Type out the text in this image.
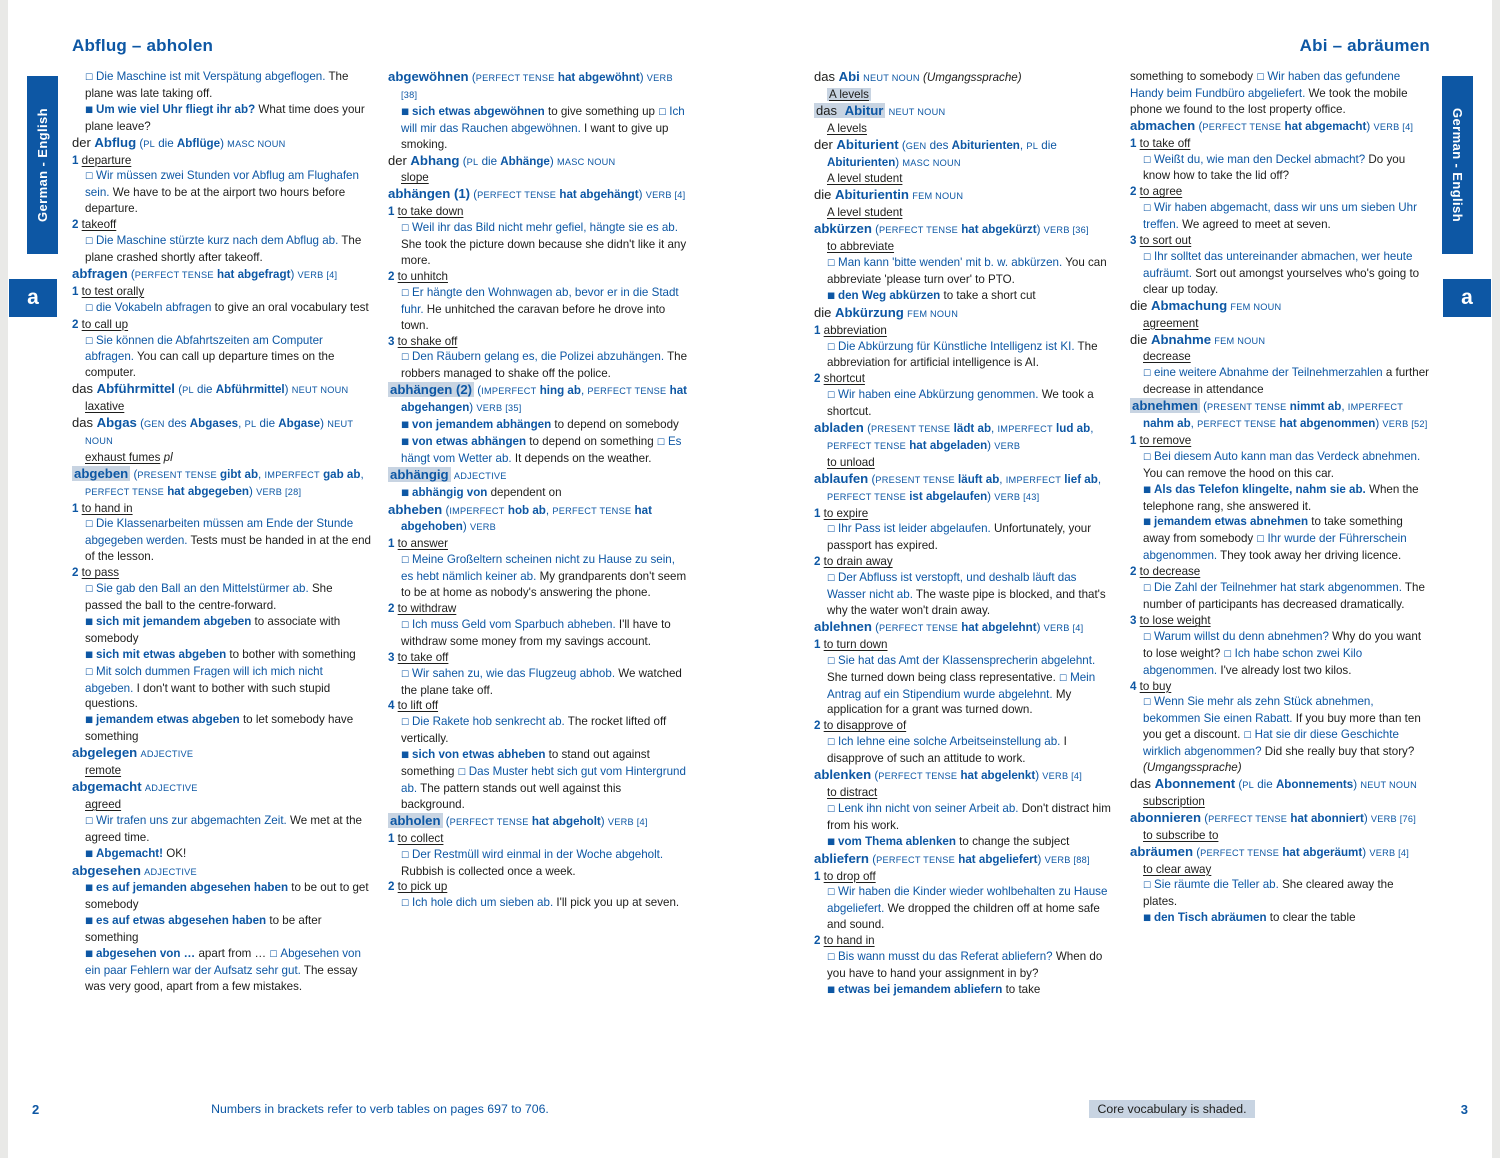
German - English
a
German - English
a
Abflug – abholen
□ Die Maschine ist mit Verspätung abgeflogen. The plane was late taking off.
■ Um wie viel Uhr fliegt ihr ab? What time does your plane leave?
der Abflug (PL die Abflüge) MASC NOUN
1 departure
□ Wir müssen zwei Stunden vor Abflug am Flughafen sein. We have to be at the airport two hours before departure.
2 takeoff
□ Die Maschine stürzte kurz nach dem Abflug ab. The plane crashed shortly after takeoff.
abfragen (PERFECT TENSE hat abgefragt) VERB [4]
1 to test orally
□ die Vokabeln abfragen to give an oral vocabulary test
2 to call up
□ Sie können die Abfahrtszeiten am Computer abfragen. You can call up departure times on the computer.
das Abführmittel (PL die Abführmittel) NEUT NOUN
laxative
das Abgas (GEN des Abgases, PL die Abgase) NEUT NOUN
exhaust fumes pl
abgeben (PRESENT TENSE gibt ab, IMPERFECT gab ab, PERFECT TENSE hat abgegeben) VERB [28]
1 to hand in
□ Die Klassenarbeiten müssen am Ende der Stunde abgegeben werden. Tests must be handed in at the end of the lesson.
2 to pass
□ Sie gab den Ball an den Mittelstürmer ab. She passed the ball to the centre-forward.
■ sich mit jemandem abgeben to associate with somebody
■ sich mit etwas abgeben to bother with something □ Mit solch dummen Fragen will ich mich nicht abgeben. I don't want to bother with such stupid questions.
■ jemandem etwas abgeben to let somebody have something
abgelegen ADJECTIVE
remote
abgemacht ADJECTIVE
agreed
□ Wir trafen uns zur abgemachten Zeit. We met at the agreed time.
■ Abgemacht! OK!
abgesehen ADJECTIVE
■ es auf jemanden abgesehen haben to be out to get somebody
■ es auf etwas abgesehen haben to be after something
■ abgesehen von … apart from … □ Abgesehen von ein paar Fehlern war der Aufsatz sehr gut. The essay was very good, apart from a few mistakes.
abgewöhnen (PERFECT TENSE hat abgewöhnt) VERB [38]
■ sich etwas abgewöhnen to give something up □ Ich will mir das Rauchen abgewöhnen. I want to give up smoking.
der Abhang (PL die Abhänge) MASC NOUN
slope
abhängen (1) (PERFECT TENSE hat abgehängt) VERB [4]
1 to take down
□ Weil ihr das Bild nicht mehr gefiel, hängte sie es ab. She took the picture down because she didn't like it any more.
2 to unhitch
□ Er hängte den Wohnwagen ab, bevor er in die Stadt fuhr. He unhitched the caravan before he drove into town.
3 to shake off
□ Den Räubern gelang es, die Polizei abzuhängen. The robbers managed to shake off the police.
abhängen (2) (IMPERFECT hing ab, PERFECT TENSE hat abgehangen) VERB [35]
■ von jemandem abhängen to depend on somebody
■ von etwas abhängen to depend on something □ Es hängt vom Wetter ab. It depends on the weather.
abhängig ADJECTIVE
■ abhängig von dependent on
abheben (IMPERFECT hob ab, PERFECT TENSE hat abgehoben) VERB
1 to answer
□ Meine Großeltern scheinen nicht zu Hause zu sein, es hebt nämlich keiner ab. My grandparents don't seem to be at home as nobody's answering the phone.
2 to withdraw
□ Ich muss Geld vom Sparbuch abheben. I'll have to withdraw some money from my savings account.
3 to take off
□ Wir sahen zu, wie das Flugzeug abhob. We watched the plane take off.
4 to lift off
□ Die Rakete hob senkrecht ab. The rocket lifted off vertically.
■ sich von etwas abheben to stand out against something □ Das Muster hebt sich gut vom Hintergrund ab. The pattern stands out well against this background.
abholen (PERFECT TENSE hat abgeholt) VERB [4]
1 to collect
□ Der Restmüll wird einmal in der Woche abgeholt. Rubbish is collected once a week.
2 to pick up
□ Ich hole dich um sieben ab. I'll pick you up at seven.
Abi – abräumen
das Abi NEUT NOUN (Umgangssprache)
A levels
das Abitur NEUT NOUN
A levels
der Abiturient (GEN des Abiturienten, PL die Abiturienten) MASC NOUN
A level student
die Abiturientin FEM NOUN
A level student
abkürzen (PERFECT TENSE hat abgekürzt) VERB [36]
to abbreviate
□ Man kann 'bitte wenden' mit b. w. abkürzen. You can abbreviate 'please turn over' to PTO.
■ den Weg abkürzen to take a short cut
die Abkürzung FEM NOUN
1 abbreviation
□ Die Abkürzung für Künstliche Intelligenz ist KI. The abbreviation for artificial intelligence is AI.
2 shortcut
□ Wir haben eine Abkürzung genommen. We took a shortcut.
abladen (PRESENT TENSE lädt ab, IMPERFECT lud ab, PERFECT TENSE hat abgeladen) VERB
to unload
ablaufen (PRESENT TENSE läuft ab, IMPERFECT lief ab, PERFECT TENSE ist abgelaufen) VERB [43]
1 to expire
□ Ihr Pass ist leider abgelaufen. Unfortunately, your passport has expired.
2 to drain away
□ Der Abfluss ist verstopft, und deshalb läuft das Wasser nicht ab. The waste pipe is blocked, and that's why the water won't drain away.
ablehnen (PERFECT TENSE hat abgelehnt) VERB [4]
1 to turn down
□ Sie hat das Amt der Klassensprecherin abgelehnt. She turned down being class representative. □ Mein Antrag auf ein Stipendium wurde abgelehnt. My application for a grant was turned down.
2 to disapprove of
□ Ich lehne eine solche Arbeitseinstellung ab. I disapprove of such an attitude to work.
ablenken (PERFECT TENSE hat abgelenkt) VERB [4]
to distract
□ Lenk ihn nicht von seiner Arbeit ab. Don't distract him from his work.
■ vom Thema ablenken to change the subject
abliefern (PERFECT TENSE hat abgeliefert) VERB [88]
1 to drop off
□ Wir haben die Kinder wieder wohlbehalten zu Hause abgeliefert. We dropped the children off at home safe and sound.
2 to hand in
□ Bis wann musst du das Referat abliefern? When do you have to hand your assignment in by?
■ etwas bei jemandem abliefern to take
something to somebody □ Wir haben das gefundene Handy beim Fundbüro abgeliefert. We took the mobile phone we found to the lost property office.
abmachen (PERFECT TENSE hat abgemacht) VERB [4]
1 to take off
□ Weißt du, wie man den Deckel abmacht? Do you know how to take the lid off?
2 to agree
□ Wir haben abgemacht, dass wir uns um sieben Uhr treffen. We agreed to meet at seven.
3 to sort out
□ Ihr solltet das untereinander abmachen, wer heute aufräumt. Sort out amongst yourselves who's going to clear up today.
die Abmachung FEM NOUN
agreement
die Abnahme FEM NOUN
decrease
□ eine weitere Abnahme der Teilnehmerzahlen a further decrease in attendance
abnehmen (PRESENT TENSE nimmt ab, IMPERFECT nahm ab, PERFECT TENSE hat abgenommen) VERB [52]
1 to remove
□ Bei diesem Auto kann man das Verdeck abnehmen. You can remove the hood on this car.
■ Als das Telefon klingelte, nahm sie ab. When the telephone rang, she answered it.
■ jemandem etwas abnehmen to take something away from somebody □ Ihr wurde der Führerschein abgenommen. They took away her driving licence.
2 to decrease
□ Die Zahl der Teilnehmer hat stark abgenommen. The number of participants has decreased dramatically.
3 to lose weight
□ Warum willst du denn abnehmen? Why do you want to lose weight? □ Ich habe schon zwei Kilo abgenommen. I've already lost two kilos.
4 to buy
□ Wenn Sie mehr als zehn Stück abnehmen, bekommen Sie einen Rabatt. If you buy more than ten you get a discount. □ Hat sie dir diese Geschichte wirklich abgenommen? Did she really buy that story? (Umgangssprache)
das Abonnement (PL die Abonnements) NEUT NOUN
subscription
abonnieren (PERFECT TENSE hat abonniert) VERB [76]
to subscribe to
abräumen (PERFECT TENSE hat abgeräumt) VERB [4]
to clear away
□ Sie räumte die Teller ab. She cleared away the plates.
■ den Tisch abräumen to clear the table
2	Numbers in brackets refer to verb tables on pages 697 to 706.	Core vocabulary is shaded.	3
